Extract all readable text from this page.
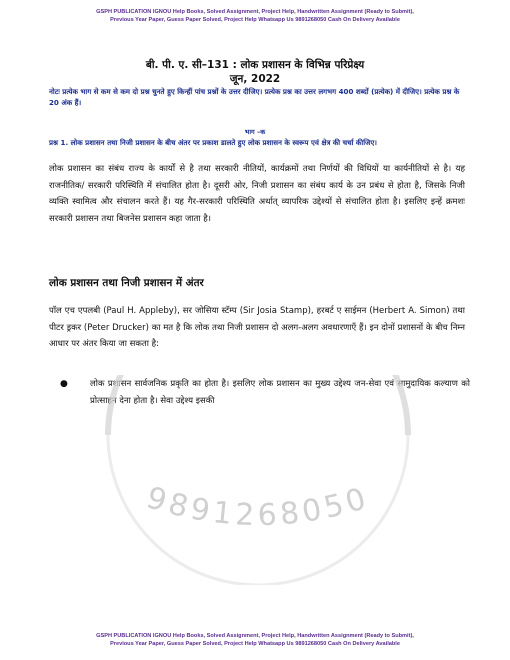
GSPH PUBLICATION IGNOU Help Books, Solved Assignment, Project Help, Handwritten Assignment (Ready to Submit),
Previous Year Paper, Guess Paper Solved, Project Help Whatsapp Us 9891268050 Cash On Delivery Available
बी. पी. ए. सी–131 : लोक प्रशासन के विभिन्न परिप्रेक्ष्य
जून, 2022
नोटः प्रत्येक भाग से कम से कम दो प्रश्न चुनते हुए किन्हीं पांच प्रश्नों के उत्तर दीजिए। प्रत्येक प्रश्न का उत्तर लगभग 400 शब्दों (प्रत्येक) में दीजिए। प्रत्येक प्रश्न के 20 अंक हैं।
भाग –क
प्रश्न 1. लोक प्रशासन तथा निजी प्रशासन के बीच अंतर पर प्रकाश डालते हुए लोक प्रशासन के स्वरूप एवं क्षेत्र की चर्चा कीजिए।
लोक प्रशासन का संबंध राज्य के कार्यों से है तथा सरकारी नीतियों, कार्यक्रमों तथा निर्णयों की विधियों या कार्यनीतियों से है। यह राजनीतिक/ सरकारी परिस्थिति में संचालित होता है। दूसरी ओर, निजी प्रशासन का संबंध कार्य के उन प्रबंध से होता है, जिसके निजी व्यक्ति स्वामित्व और संचालन करते हैं। यह गैर-सरकारी परिस्थिति अर्थात् व्यापरिक उद्देश्यों से संचालित होता है। इसलिए इन्हें क्रमशः सरकारी प्रशासन तथा बिजनेस प्रशासन कहा जाता है।
लोक प्रशासन तथा निजी प्रशासन में अंतर
पॉल एच एपलबी (Paul H. Appleby), सर जोसिया स्टॅम्प (Sir Josia Stamp), हरबर्ट ए साईमन (Herbert A. Simon) तथा पीटर ड्रकर (Peter Drucker) का मत है कि लोक तथा निजी प्रशासन दो अलग-अलग अवधारणाएँ हैं। इन दोनों प्रशासनों के बीच निम्न आधार पर अंतर किया जा सकता है:
●	लोक प्रशासन सार्वजनिक प्रकृति का होता है। इसलिए लोक प्रशासन का मुख्य उद्देश्य जन-सेवा एवं सामुदायिक कल्याण को प्रोत्साहन देना होता है। सेवा उद्देश्य इसकी
9891268050
GSPH PUBLICATION IGNOU Help Books, Solved Assignment, Project Help, Handwritten Assignment (Ready to Submit),
Previous Year Paper, Guess Paper Solved, Project Help Whatsapp Us 9891268050 Cash On Delivery Available
